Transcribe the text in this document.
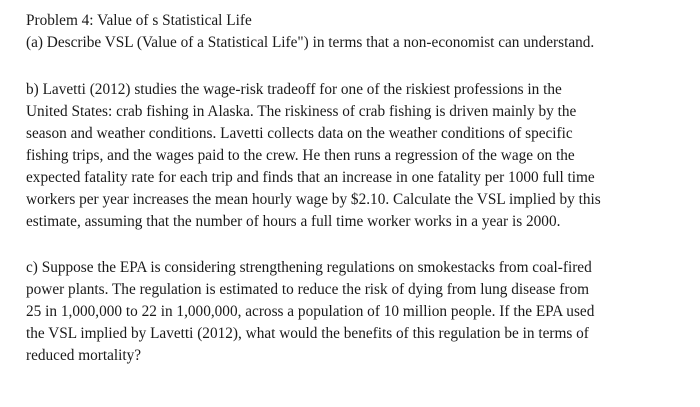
Problem 4: Value of s Statistical Life

(a) Describe VSL (Value of a Statistical Life") in terms that a non-economist can understand.

b) Lavetti (2012) studies the wage-risk tradeoff for one of the riskiest professions in the

United States: crab fishing in Alaska. The riskiness of crab fishing is driven mainly by the

season and weather conditions. Lavetti collects data on the weather conditions of specific

fishing trips, and the wages paid to the crew. He then runs a regression of the wage on the

expected fatality rate for each trip and finds that an increase in one fatality per 1000 full time

workers per year increases the mean hourly wage by $2.10. Calculate the VSL implied by this

estimate, assuming that the number of hours a full time worker works in a year is 2000.

c) Suppose the EPA is considering strengthening regulations on smokestacks from coal-fired

power plants. The regulation is estimated to reduce the risk of dying from lung disease from

25 in 1,000,000 to 22 in 1,000,000, across a population of 10 million people. If the EPA used

the VSL implied by Lavetti (2012), what would the benefits of this regulation be in terms of

reduced mortality?
